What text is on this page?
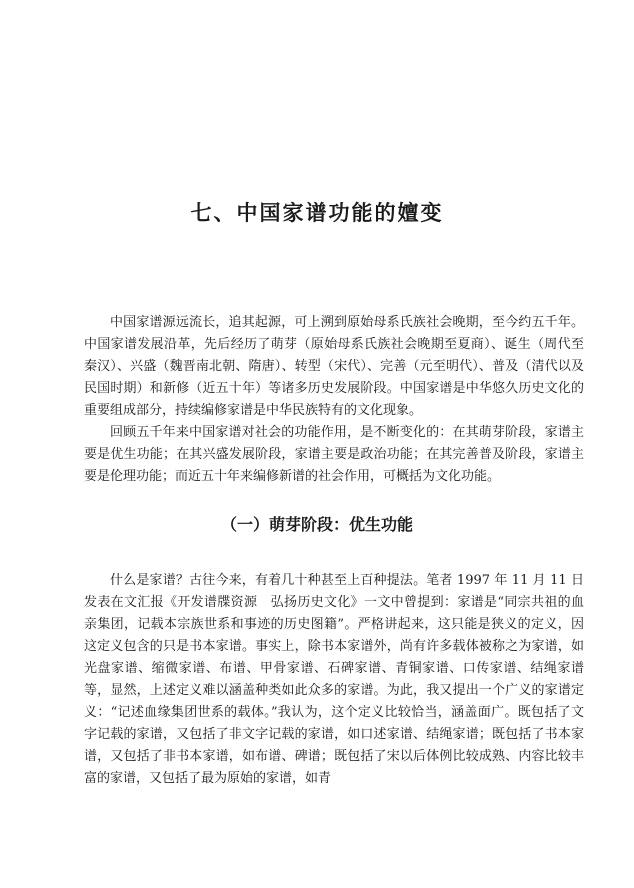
七、中国家谱功能的嬗变

中国家谱源远流长，追其起源，可上溯到原始母系氏族社会晚期，至今约五千年。中国家谱发展沿革，先后经历了萌芽（原始母系氏族社会晚期至夏商）、诞生（周代至秦汉）、兴盛（魏晋南北朝、隋唐）、转型（宋代）、完善（元至明代）、普及（清代以及民国时期）和新修（近五十年）等诸多历史发展阶段。中国家谱是中华悠久历史文化的重要组成部分，持续编修家谱是中华民族特有的文化现象。

回顾五千年来中国家谱对社会的功能作用，是不断变化的：在其萌芽阶段，家谱主要是优生功能；在其兴盛发展阶段，家谱主要是政治功能；在其完善普及阶段，家谱主要是伦理功能；而近五十年来编修新谱的社会作用，可概括为文化功能。

（一）萌芽阶段：优生功能

什么是家谱？古往今来，有着几十种甚至上百种提法。笔者 1997 年 11 月 11 日发表在文汇报《开发谱牒资源　弘扬历史文化》一文中曾提到：家谱是“同宗共祖的血亲集团，记载本宗族世系和事迹的历史图籍”。严格讲起来，这只能是狭义的定义，因这定义包含的只是书本家谱。事实上，除书本家谱外，尚有许多载体被称之为家谱，如光盘家谱、缩微家谱、布谱、甲骨家谱、石碑家谱、青铜家谱、口传家谱、结绳家谱等，显然，上述定义难以涵盖种类如此众多的家谱。为此，我又提出一个广义的家谱定义：“记述血缘集团世系的载体。”我认为，这个定义比较恰当，涵盖面广。既包括了文字记载的家谱，又包括了非文字记载的家谱，如口述家谱、结绳家谱；既包括了书本家谱，又包括了非书本家谱，如布谱、碑谱；既包括了宋以后体例比较成熟、内容比较丰富的家谱，又包括了最为原始的家谱，如青
